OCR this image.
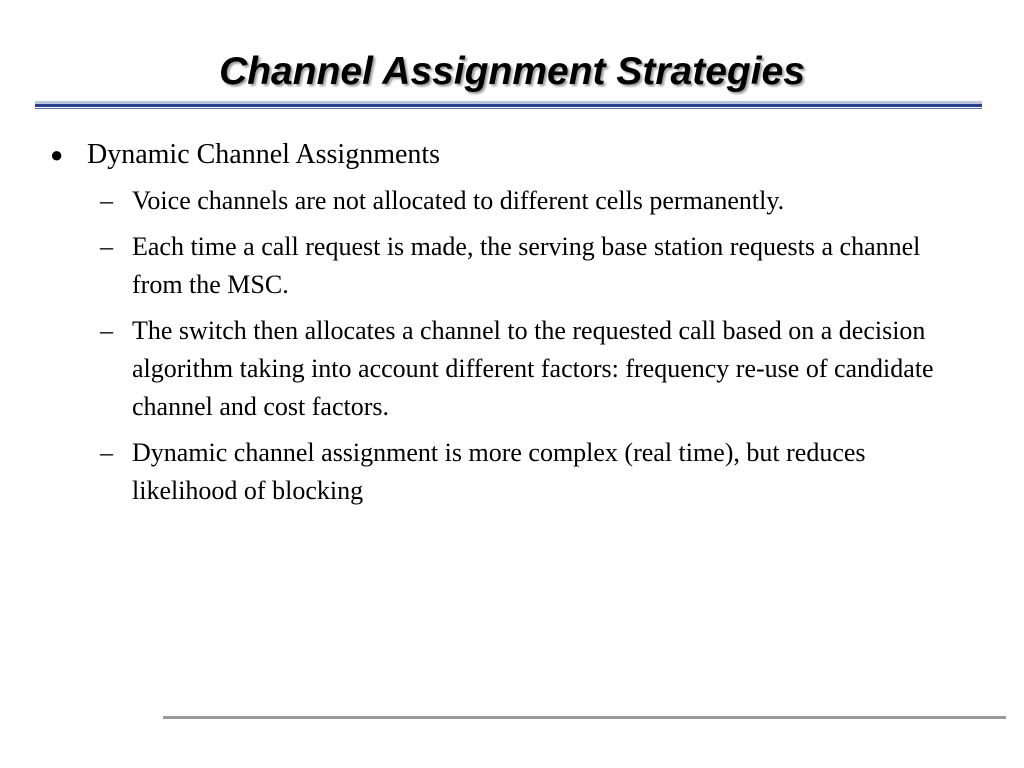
Channel Assignment Strategies
● Dynamic Channel Assignments
– Voice channels are not allocated to different cells permanently.
– Each time a call request is made, the serving base station requests a channel from the MSC.
– The switch then allocates a channel to the requested call based on a decision algorithm taking into account different factors: frequency re-use of candidate channel and cost factors.
– Dynamic channel assignment is more complex (real time), but reduces likelihood of blocking
